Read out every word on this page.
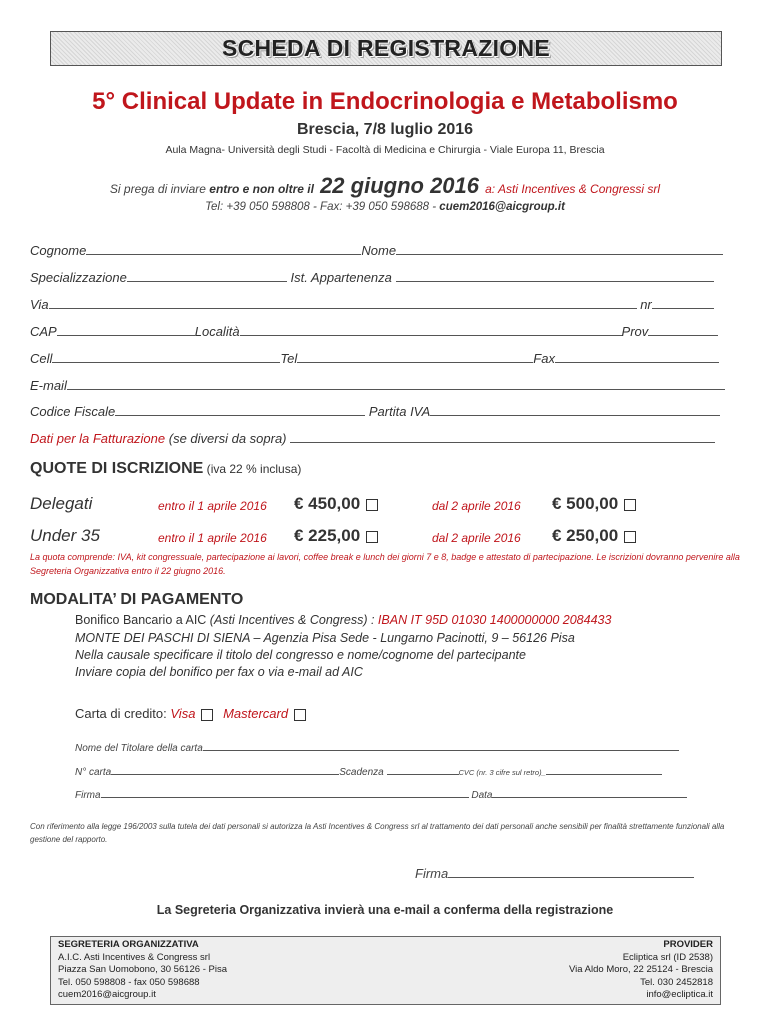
SCHEDA DI REGISTRAZIONE
5° Clinical Update in Endocrinologia e Metabolismo
Brescia, 7/8 luglio 2016
Aula Magna- Università degli Studi - Facoltà di Medicina e Chirurgia - Viale Europa 11, Brescia
Si prega di inviare entro e non oltre il 22 giugno 2016 a: Asti Incentives & Congressi srl
Tel: +39 050 598808 - Fax: +39 050 598688 - cuem2016@aicgroup.it
Cognome	Nome
Specializzazione	Ist. Appartenenza
Via	nr
CAP	Località	Prov
Cell	Tel	Fax
E-mail
Codice Fiscale	Partita IVA
Dati per la Fatturazione (se diversi da sopra)
QUOTE DI ISCRIZIONE (iva 22 % inclusa)
Delegati	entro il 1 aprile 2016 € 450,00	dal 2 aprile 2016 € 500,00
Under 35	entro il 1 aprile 2016 € 225,00	dal 2 aprile 2016 € 250,00
La quota comprende: IVA, kit congressuale, partecipazione ai lavori, coffee break e lunch dei giorni 7 e 8, badge e attestato di partecipazione. Le iscrizioni dovranno pervenire alla Segreteria Organizzativa entro il 22 giugno 2016.
MODALITA’ DI PAGAMENTO
Bonifico Bancario a AIC (Asti Incentives & Congress) : IBAN IT 95D 01030 1400000000 2084433
MONTE DEI PASCHI DI SIENA – Agenzia Pisa Sede - Lungarno Pacinotti, 9 – 56126 Pisa
Nella causale specificare il titolo del congresso e nome/cognome del partecipante
Inviare copia del bonifico per fax o via e-mail ad AIC
Carta di credito: Visa Mastercard
Nome del Titolare della carta
N° carta	Scadenza	CVC (nr. 3 cifre sul retro)_
Firma	Data
Con riferimento alla legge 196/2003 sulla tutela dei dati personali si autorizza la Asti Incentives & Congress srl al trattamento dei dati personali anche sensibili per finalità strettamente funzionali alla gestione del rapporto.
Firma
La Segreteria Organizzativa invierà una e-mail a conferma della registrazione
SEGRETERIA ORGANIZZATIVA
A.I.C. Asti Incentives & Congress srl
Piazza San Uomobono, 30 56126 - Pisa
Tel. 050 598808 - fax 050 598688
cuem2016@aicgroup.it
PROVIDER
Ecliptica srl (ID 2538)
Via Aldo Moro, 22 25124 - Brescia
Tel. 030 2452818
info@ecliptica.it
